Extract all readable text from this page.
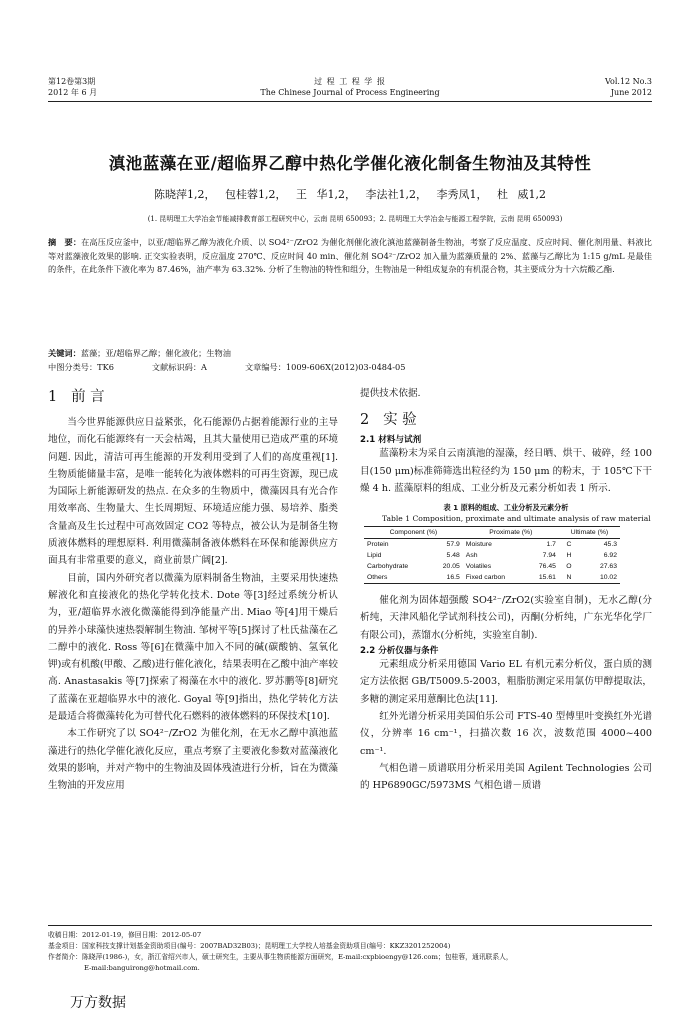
第12卷第3期
2012 年 6 月
过 程 工 程 学 报
The Chinese Journal of Process Engineering
Vol.12 No.3
June 2012
滇池蓝藻在亚/超临界乙醇中热化学催化液化制备生物油及其特性
陈晓萍1,2， 包桂蓉1,2， 王 华1,2， 李法社1,2， 李秀凤1， 杜 威1,2
(1. 昆明理工大学冶金节能减排教育部工程研究中心，云南 昆明 650093；2. 昆明理工大学冶金与能源工程学院，云南 昆明 650093)
摘　要：在高压反应釜中，以亚/超临界乙醇为液化介质、以 SO4²⁻/ZrO2 为催化剂催化液化滇池蓝藻制备生物油，考察了反应温度、反应时间、催化剂用量、料液比等对蓝藻液化效果的影响. 正交实验表明，反应温度 270℃、反应时间 40 min、催化剂 SO4²⁻/ZrO2 加入量为蓝藻质量的 2%、蓝藻与乙醇比为 1:15 g/mL 是最佳的条件，在此条件下液化率为 87.46%，油产率为 63.32%. 分析了生物油的特性和组分，生物油是一种组成复杂的有机混合物，其主要成分为十六烷酸乙酯.
关键词：蓝藻；亚/超临界乙醇；催化液化；生物油
中图分类号：TK6	文献标识码：A	文章编号：1009-606X(2012)03-0484-05
1 前 言
当今世界能源供应日益紧张，化石能源仍占据着能源行业的主导地位，而化石能源终有一天会枯竭，且其大量使用已造成严重的环境问题. 因此，清洁可再生能源的开发利用受到了人们的高度重视[1]. 生物质能储量丰富，是唯一能转化为液体燃料的可再生资源，现已成为国际上新能源研发的热点. 在众多的生物质中，微藻因具有光合作用效率高、生物量大、生长周期短、环境适应能力强、易培养、脂类含量高及生长过程中可高效固定 CO2 等特点，被公认为是制备生物质液体燃料的理想原料. 利用微藻制备液体燃料在环保和能源供应方面具有非常重要的意义，商业前景广阔[2].
目前，国内外研究者以微藻为原料制备生物油，主要采用快速热解液化和直接液化的热化学转化技术. Dote 等[3]经过系统分析认为，亚/超临界水液化微藻能得到净能量产出. Miao 等[4]用干燥后的异养小球藻快速热裂解制生物油. 邹树平等[5]探讨了杜氏盐藻在乙二醇中的液化. Ross 等[6]在微藻中加入不同的碱(碳酸钠、氢氧化钾)或有机酸(甲酸、乙酸)进行催化液化，结果表明在乙酸中油产率较高. Anastasakis 等[7]探索了褐藻在水中的液化. 罗苏鹏等[8]研究了蓝藻在亚超临界水中的液化. Goyal 等[9]指出，热化学转化方法是最适合将微藻转化为可替代化石燃料的液体燃料的环保技术[10].
本工作研究了以 SO4²⁻/ZrO2 为催化剂，在无水乙醇中滇池蓝藻进行的热化学催化液化反应，重点考察了主要液化参数对蓝藻液化效果的影响，并对产物中的生物油及固体残渣进行分析，旨在为微藻生物油的开发应用
提供技术依据.
2 实 验
2.1 材料与试剂
蓝藻粉末为采自云南滇池的湿藻，经日晒、烘干、破碎，经 100 目(150 μm)标准筛筛选出粒径约为 150 μm 的粉末，于 105℃下干燥 4 h. 蓝藻原料的组成、工业分析及元素分析如表 1 所示.
表 1 原料的组成、工业分析及元素分析
Table 1 Composition, proximate and ultimate analysis of raw material
Component (%)		Proximate (%)		Ultimate (%)	
Protein	57.9	Moisture	1.7	C	45.3
Lipid	5.48	Ash	7.94	H	6.92
Carbohydrate	20.05	Volatiles	76.45	O	27.63
Others	16.5	Fixed carbon	15.61	N	10.02
催化剂为固体超强酸 SO4²⁻/ZrO2(实验室自制)，无水乙醇(分析纯，天津风船化学试剂科技公司)，丙酮(分析纯，广东光华化学厂有限公司)，蒸馏水(分析纯，实验室自制).
2.2 分析仪器与条件
元素组成分析采用德国 Vario EL 有机元素分析仪，蛋白质的测定方法依据 GB/T5009.5-2003，粗脂肪测定采用氯仿甲醇提取法，多糖的测定采用蒽酮比色法[11].
红外光谱分析采用美国伯乐公司 FTS-40 型傅里叶变换红外光谱仪，分辨率 16 cm⁻¹，扫描次数 16 次，波数范围 4000~400 cm⁻¹.
气相色谱－质谱联用分析采用美国 Agilent Technologies 公司的 HP6890GC/5973MS 气相色谱－质谱
收稿日期：2012-01-19，修回日期：2012-05-07
基金项目：国家科技支撑计划基金资助项目(编号：2007BAD32B03)；昆明理工大学校人培基金资助项目(编号：KKZ3201252004)
作者简介：陈晓萍(1986-)，女，浙江省绍兴市人，硕士研究生，主要从事生物质能源方面研究，E-mail:cxpbioengy@126.com；包桂蓉，通讯联系人，
E-mail:banguirong@hotmail.com.
万方数据
